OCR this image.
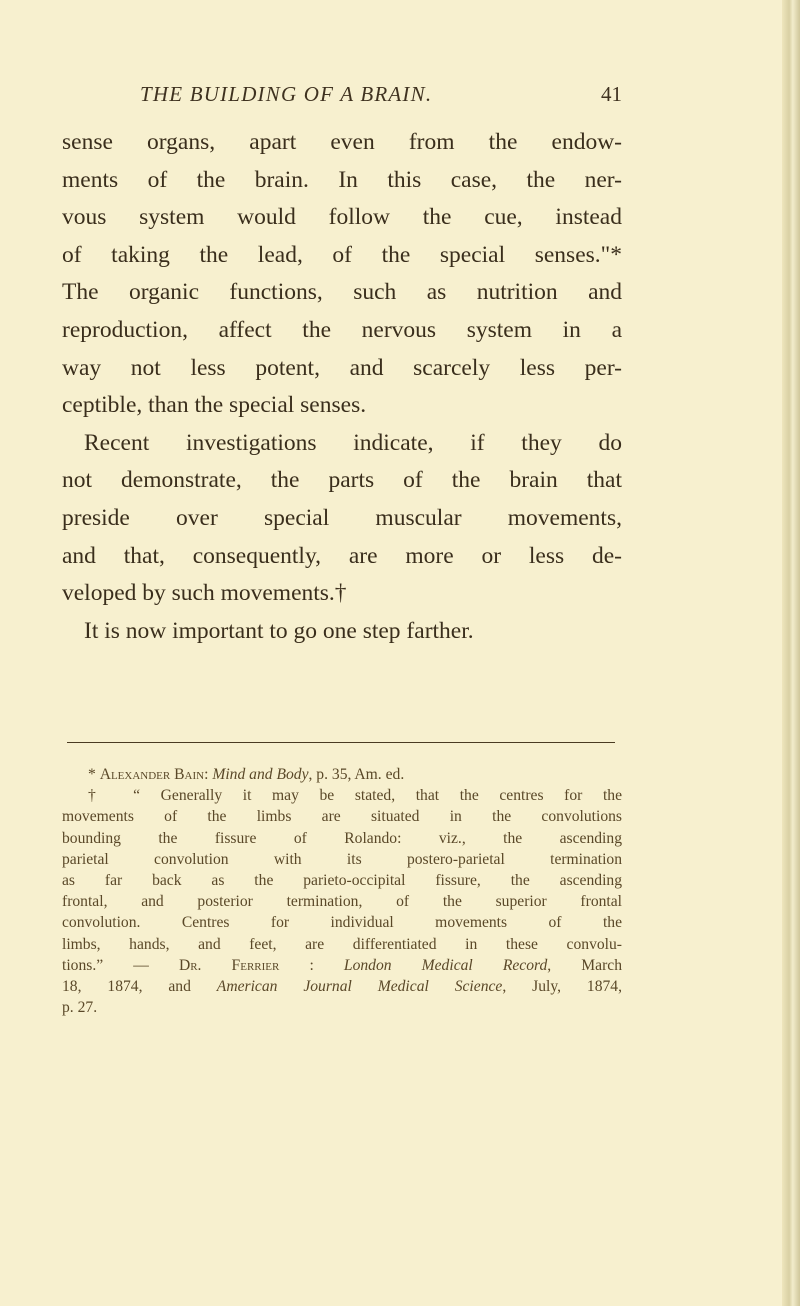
THE BUILDING OF A BRAIN.	41
sense organs, apart even from the endow-
ments of the brain. In this case, the ner-
vous system would follow the cue, instead
of taking the lead, of the special senses."*
The organic functions, such as nutrition and
reproduction, affect the nervous system in a
way not less potent, and scarcely less per-
ceptible, than the special senses.
Recent investigations indicate, if they do
not demonstrate, the parts of the brain that
preside over special muscular movements,
and that, consequently, are more or less de-
veloped by such movements.†
It is now important to go one step farther.
* Alexander Bain: Mind and Body, p. 35, Am. ed.
† “ Generally it may be stated, that the centres for the
movements of the limbs are situated in the convolutions
bounding the fissure of Rolando: viz., the ascending
parietal convolution with its postero-parietal termination
as far back as the parieto-occipital fissure, the ascending
frontal, and posterior termination, of the superior frontal
convolution. Centres for individual movements of the
limbs, hands, and feet, are differentiated in these convolu-
tions.” — Dr. Ferrier : London Medical Record, March
18, 1874, and American Journal Medical Science, July, 1874,
p. 27.
